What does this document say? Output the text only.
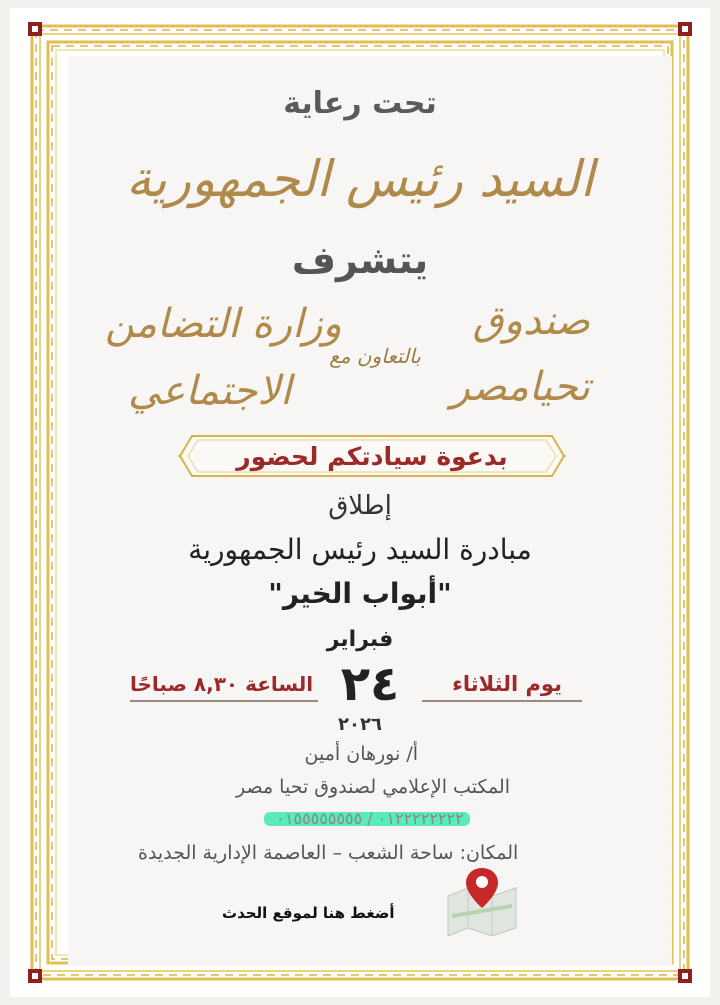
تحت رعاية
السيد رئيس الجمهورية
يتشرف
صندوق
تحيامصر
بالتعاون مع
وزارة التضامن
الاجتماعي
بدعوة سيادتكم لحضور
إطلاق
مبادرة السيد رئيس الجمهورية
"أبواب الخير"
فبراير
٢٤	يوم الثلاثاء
الساعة ٨,٣٠ صباحًا
٢٠٢٦
أ/ نورهان أمين
المكتب الإعلامي لصندوق تحيا مصر
٠١٢٢٢٢٢٢٢٢ / ٠١٥٥٥٥٥٥٥٥
المكان: ساحة الشعب – العاصمة الإدارية الجديدة
أضغط هنا لموقع الحدث
